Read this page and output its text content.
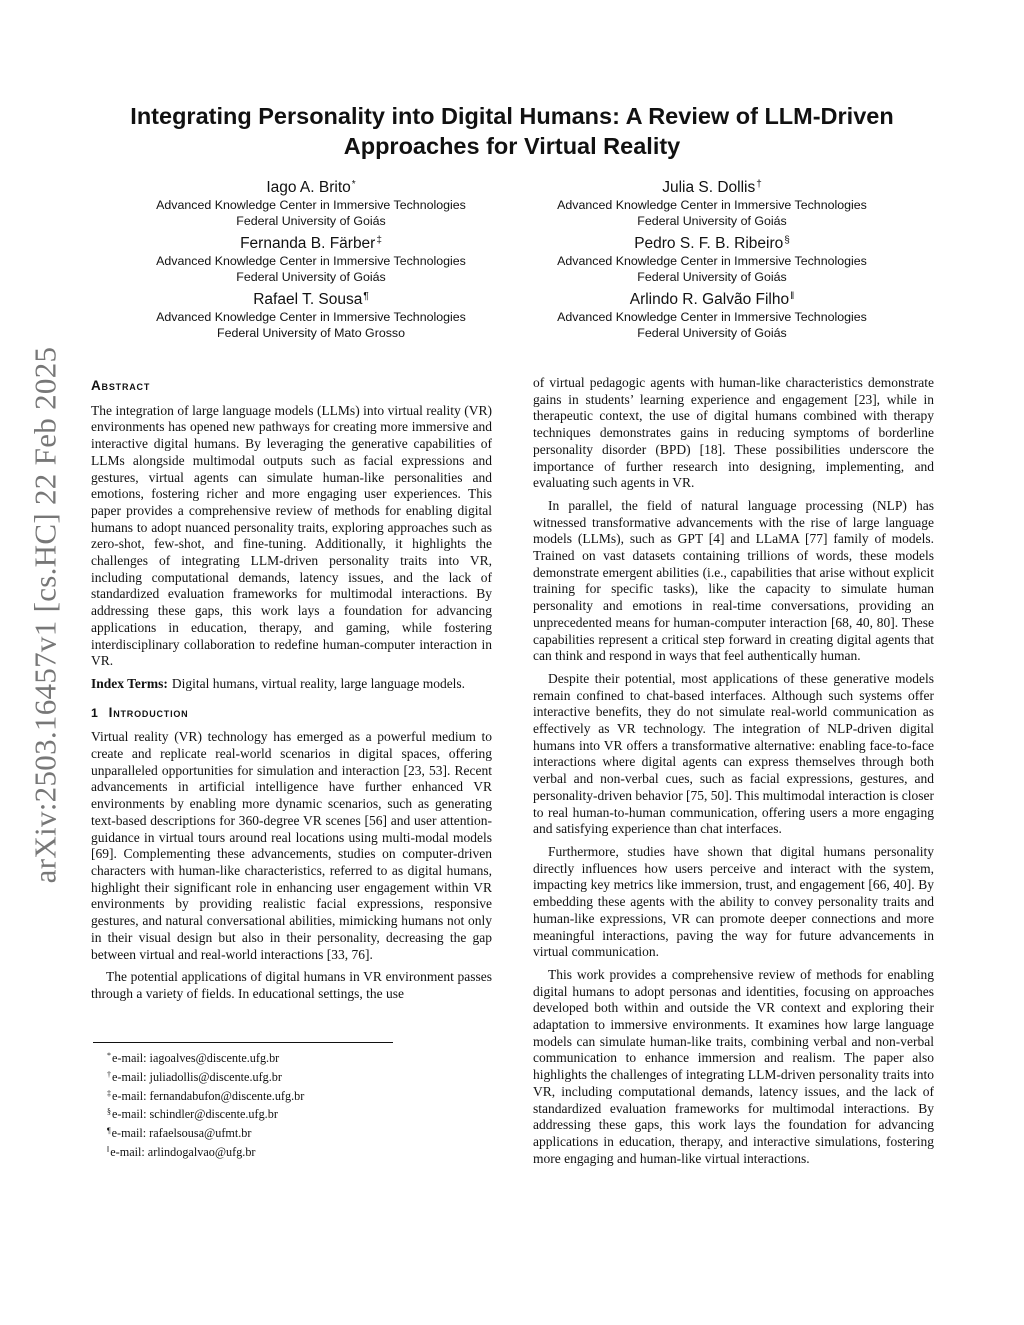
arXiv:2503.16457v1 [cs.HC] 22 Feb 2025
Integrating Personality into Digital Humans: A Review of LLM-Driven
Approaches for Virtual Reality
Iago A. Brito*
Advanced Knowledge Center in Immersive Technologies
Federal University of Goiás
Fernanda B. Färber‡
Advanced Knowledge Center in Immersive Technologies
Federal University of Goiás
Rafael T. Sousa¶
Advanced Knowledge Center in Immersive Technologies
Federal University of Mato Grosso
Julia S. Dollis†
Advanced Knowledge Center in Immersive Technologies
Federal University of Goiás
Pedro S. F. B. Ribeiro§
Advanced Knowledge Center in Immersive Technologies
Federal University of Goiás
Arlindo R. Galvão Filho‖
Advanced Knowledge Center in Immersive Technologies
Federal University of Goiás
Abstract

The integration of large language models (LLMs) into virtual reality (VR) environments has opened new pathways for creating more immersive and interactive digital humans. By leveraging the generative capabilities of LLMs alongside multimodal outputs such as facial expressions and gestures, virtual agents can simulate human-like personalities and emotions, fostering richer and more engaging user experiences. This paper provides a comprehensive review of methods for enabling digital humans to adopt nuanced personality traits, exploring approaches such as zero-shot, few-shot, and fine-tuning. Additionally, it highlights the challenges of integrating LLM-driven personality traits into VR, including computational demands, latency issues, and the lack of standardized evaluation frameworks for multimodal interactions. By addressing these gaps, this work lays a foundation for advancing applications in education, therapy, and gaming, while fostering interdisciplinary collaboration to redefine human-computer interaction in VR.

Index Terms: Digital humans, virtual reality, large language models.

1 Introduction

Virtual reality (VR) technology has emerged as a powerful medium to create and replicate real-world scenarios in digital spaces, offering unparalleled opportunities for simulation and interaction [23, 53]. Recent advancements in artificial intelligence have further enhanced VR environments by enabling more dynamic scenarios, such as generating text-based descriptions for 360-degree VR scenes [56] and user attention-guidance in virtual tours around real locations using multi-modal models [69]. Complementing these advancements, studies on computer-driven characters with human-like characteristics, referred to as digital humans, highlight their significant role in enhancing user engagement within VR environments by providing realistic facial expressions, responsive gestures, and natural conversational abilities, mimicking humans not only in their visual design but also in their personality, decreasing the gap between virtual and real-world interactions [33, 76].

The potential applications of digital humans in VR environment passes through a variety of fields. In educational settings, the use

of virtual pedagogic agents with human-like characteristics demonstrate gains in students’ learning experience and engagement [23], while in therapeutic context, the use of digital humans combined with therapy techniques demonstrates gains in reducing symptoms of borderline personality disorder (BPD) [18]. These possibilities underscore the importance of further research into designing, implementing, and evaluating such agents in VR.

In parallel, the field of natural language processing (NLP) has witnessed transformative advancements with the rise of large language models (LLMs), such as GPT [4] and LLaMA [77] family of models. Trained on vast datasets containing trillions of words, these models demonstrate emergent abilities (i.e., capabilities that arise without explicit training for specific tasks), like the capacity to simulate human personality and emotions in real-time conversations, providing an unprecedented means for human-computer interaction [68, 40, 80]. These capabilities represent a critical step forward in creating digital agents that can think and respond in ways that feel authentically human.

Despite their potential, most applications of these generative models remain confined to chat-based interfaces. Although such systems offer interactive benefits, they do not simulate real-world communication as effectively as VR technology. The integration of NLP-driven digital humans into VR offers a transformative alternative: enabling face-to-face interactions where digital agents can express themselves through both verbal and non-verbal cues, such as facial expressions, gestures, and personality-driven behavior [75, 50]. This multimodal interaction is closer to real human-to-human communication, offering users a more engaging and satisfying experience than chat interfaces.

Furthermore, studies have shown that digital humans personality directly influences how users perceive and interact with the system, impacting key metrics like immersion, trust, and engagement [66, 40]. By embedding these agents with the ability to convey personality traits and human-like expressions, VR can promote deeper connections and more meaningful interactions, paving the way for future advancements in virtual communication.

This work provides a comprehensive review of methods for enabling digital humans to adopt personas and identities, focusing on approaches developed both within and outside the VR context and exploring their adaptation to immersive environments. It examines how large language models can simulate human-like traits, combining verbal and non-verbal communication to enhance immersion and realism. The paper also highlights the challenges of integrating LLM-driven personality traits into VR, including computational demands, latency issues, and the lack of standardized evaluation frameworks for multimodal interactions. By addressing these gaps, this work lays the foundation for advancing applications in education, therapy, and interactive simulations, fostering more engaging and human-like virtual interactions.

*e-mail: iagoalves@discente.ufg.br
†e-mail: juliadollis@discente.ufg.br
‡e-mail: fernandabufon@discente.ufg.br
§e-mail: schindler@discente.ufg.br
¶e-mail: rafaelsousa@ufmt.br
‖e-mail: arlindogalvao@ufg.br
